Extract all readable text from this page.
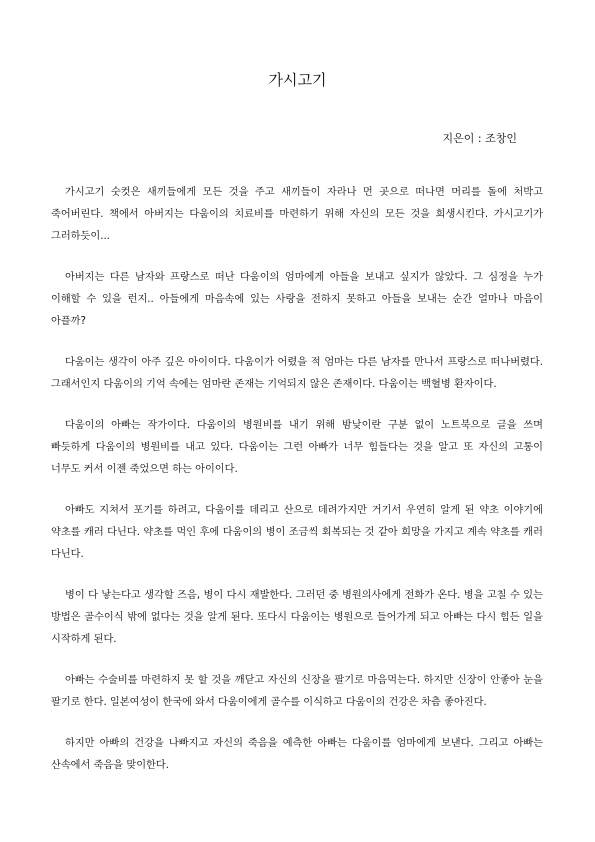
가시고기

지은이 : 조창인

가시고기 숫컷은 새끼들에게 모든 것을 주고 새끼들이 자라나 먼 곳으로 떠나면 머리를 돌에 처박고 죽어버린다. 책에서 아버지는 다움이의 치료비를 마련하기 위해 자신의 모든 것을 희생시킨다. 가시고기가 그러하듯이...

아버지는 다른 남자와 프랑스로 떠난 다움이의 엄마에게 아들을 보내고 싶지가 않았다. 그 심정을 누가 이해할 수 있을 런지.. 아들에게 마음속에 있는 사랑을 전하지 못하고 아들을 보내는 순간 얼마나 마음이 아플까?

다움이는 생각이 아주 깊은 아이이다. 다움이가 어렸을 적 엄마는 다른 남자를 만나서 프랑스로 떠나버렸다. 그래서인지 다움이의 기억 속에는 엄마란 존재는 기억되지 않은 존재이다. 다움이는 백혈병 환자이다.

다움이의 아빠는 작가이다. 다움이의 병원비를 내기 위해 밤낮이란 구분 없이 노트북으로 글을 쓰며 빠듯하게 다움이의 병원비를 내고 있다. 다움이는 그런 아빠가 너무 힘들다는 것을 알고 또 자신의 고통이 너무도 커서 이젠 죽었으면 하는 아이이다.

아빠도 지쳐서 포기를 하려고, 다움이를 데리고 산으로 데려가지만 거기서 우연히 알게 된 약초 이야기에 약초를 캐러 다닌다. 약초를 먹인 후에 다움이의 병이 조금씩 회복되는 것 같아 희망을 가지고 계속 약초를 캐러 다닌다.

병이 다 낳는다고 생각할 즈음, 병이 다시 재발한다. 그러던 중 병원의사에게 전화가 온다. 병을 고칠 수 있는 방법은 골수이식 밖에 없다는 것을 알게 된다. 또다시 다움이는 병원으로 들어가게 되고 아빠는 다시 힘든 일을 시작하게 된다.

아빠는 수술비를 마련하지 못 할 것을 깨닫고 자신의 신장을 팔기로 마음먹는다. 하지만 신장이 안좋아 눈을 팔기로 한다. 일본여성이 한국에 와서 다움이에게 골수를 이식하고 다움이의 건강은 차츰 좋아진다.

하지만 아빠의 건강을 나빠지고 자신의 죽음을 예측한 아빠는 다움이를 엄마에게 보낸다. 그리고 아빠는 산속에서 죽음을 맞이한다.
